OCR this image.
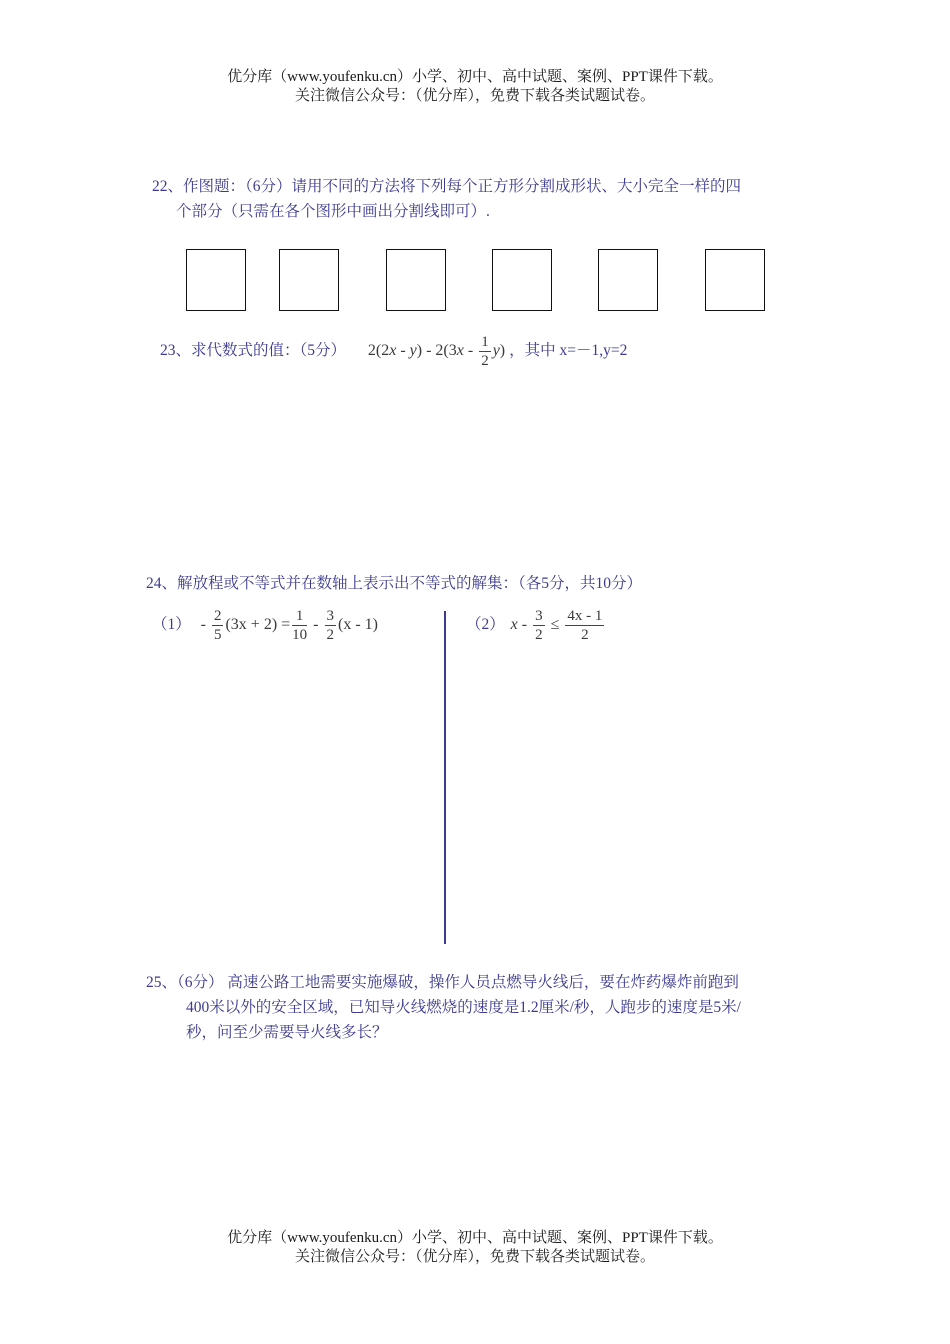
优分库（www.youfenku.cn）小学、初中、高中试题、案例、PPT课件下载。
关注微信公众号：（优分库），免费下载各类试题试卷。
22、作图题：（6分）请用不同的方法将下列每个正方形分割成形状、大小完全一样的四
个部分（只需在各个图形中画出分割线即可）.
23、求代数式的值：（5分） $2(2x - y) - 2(3x - \frac{1}{2} y)$ ，其中 x=－1,y=2
24、解放程或不等式并在数轴上表示出不等式的解集：（各5分，共10分）
$(1) - \frac{2}{5} (3x + 2) = \frac{1}{10} - \frac{3}{2} (x - 1)$	（2） $x - \frac{3}{2} \le \frac{4x - 1}{2}$
25、（6分） 高速公路工地需要实施爆破，操作人员点燃导火线后，要在炸药爆炸前跑到
400米以外的安全区域，已知导火线燃烧的速度是1.2厘米/秒，人跑步的速度是5米/
秒，问至少需要导火线多长？
优分库（www.youfenku.cn）小学、初中、高中试题、案例、PPT课件下载。
关注微信公众号：（优分库），免费下载各类试题试卷。
